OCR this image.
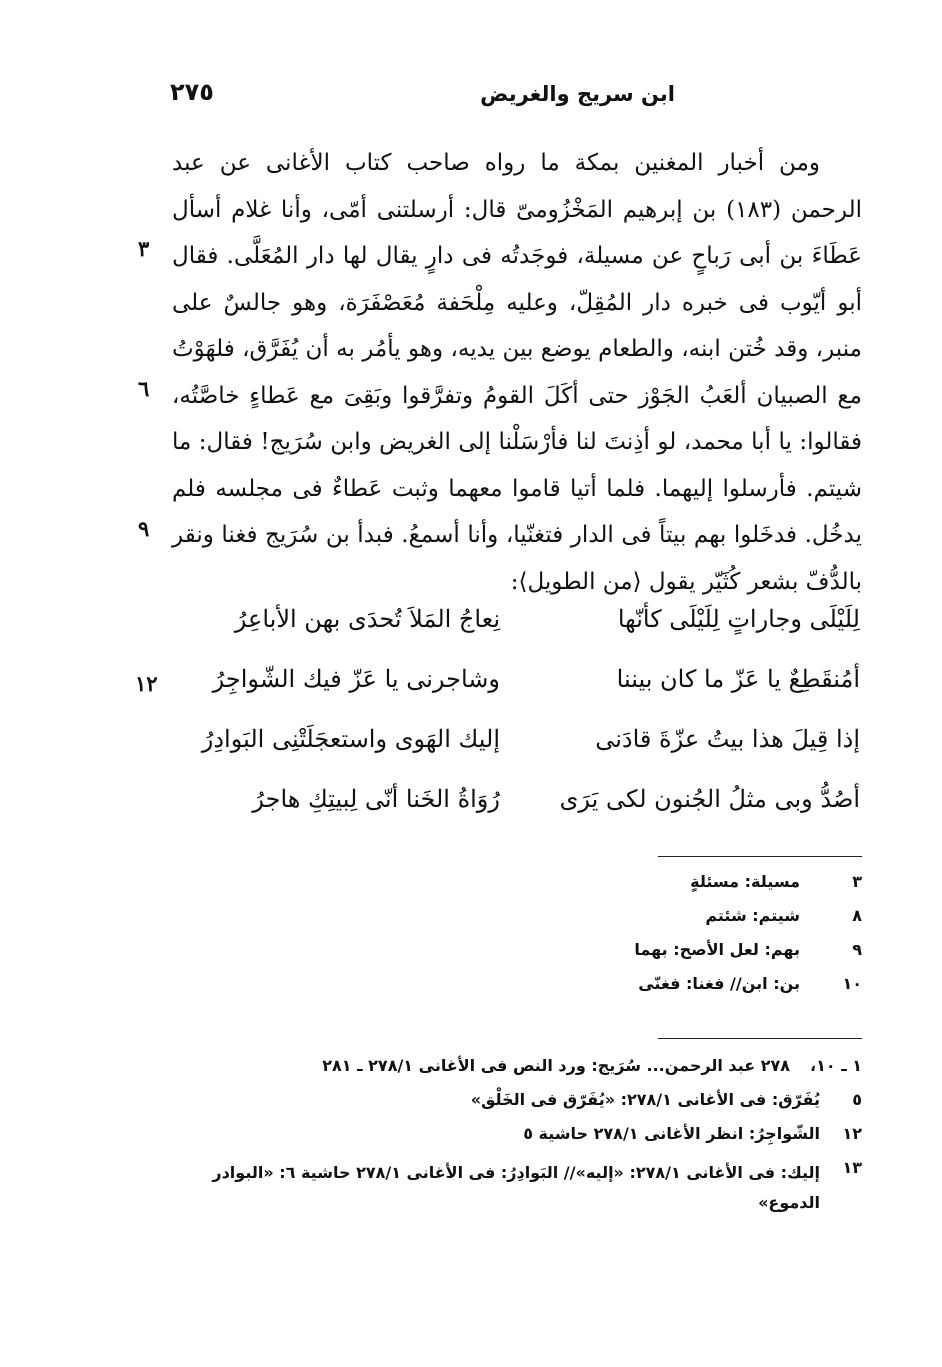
ابن سريج والغريض
٢٧٥
٣
٦
٩

ومن أخبار المغنين بمكة ما رواه صاحب كتاب الأغانى عن عبد الرحمن (١٨٣) بن إبرهيم المَخْزُومىّ قال: أرسلتنى أمّى، وأنا غلام أسأل عَطَاءَ بن أبى رَباحٍ عن مسيلة، فوجَدتُه فى دارٍ يقال لها دار المُعَلَّى. فقال أبو أيّوب فى خبره دار المُقِلّ، وعليه مِلْحَفة مُعَصْفَرَة، وهو جالسٌ على منبر، وقد خُتن ابنه، والطعام يوضع بين يديه، وهو يأمُر به أن يُفَرَّق، فلهَوْتُ مع الصبيان ألعَبُ الجَوْز حتى أكَلَ القومُ وتفرَّقوا وبَقِىَ مع عَطاءٍ خاصَّتُه، فقالوا: يا أبا محمد، لو أذِنتَ لنا فأرْسَلْنا إلى الغريض وابن سُرَيج! فقال: ما شيتم. فأرسلوا إليهما. فلما أتيا قاموا معهما وثبت عَطاءٌ فى مجلسه فلم يدخُل. فدخَلوا بهم بيتاً فى الدار فتغنّيا، وأنا أسمعُ. فبدأ بن سُرَيج فغنا ونقر بالدُّفّ بشعر كُثَيّر يقول ⟨من الطويل⟩:

لِلَيْلَى وجاراتٍ لِلَيْلَى كأنّها
نِعاجُ المَلاَ تُحدَى بهن الأباعِرُ
أمُنقَطِعٌ يا عَزّ ما كان بيننا
وشاجرنى يا عَزّ فيك الشّواجِرُ
١٢
إذا قِيلَ هذا بيتُ عزّةَ قادَنى
إليك الهَوى واستعجَلَتْنِى البَوادِرُ
أصُدُّ وبى مثلُ الجُنون لكى يَرَى
رُوَاةُ الخَنا أنّى لِبيتِكِ هاجرُ
٣
مسيلة: مسئلةٍ
٨
شيتم: شئتم
٩
بهم: لعل الأصح: بهما
١٠
بن: ابن// فغنا: فغنّى
١ ـ ١٠،
٢٧٨ عبد الرحمن... سُرَيج: ورد النص فى الأغانى ٢٧٨/١ ـ ٢٨١
٥
يُفَرّق: فى الأغانى ٢٧٨/١: «يُفَرّق فى الخَلْق»
١٢
الشّواجِرُ: انظر الأغانى ٢٧٨/١ حاشية ٥
١٣
إليك: فى الأغانى ٢٧٨/١: «إليه»// البَوادِرُ: فى الأغانى ٢٧٨/١ حاشية ٦: «البوادر الدموع»
